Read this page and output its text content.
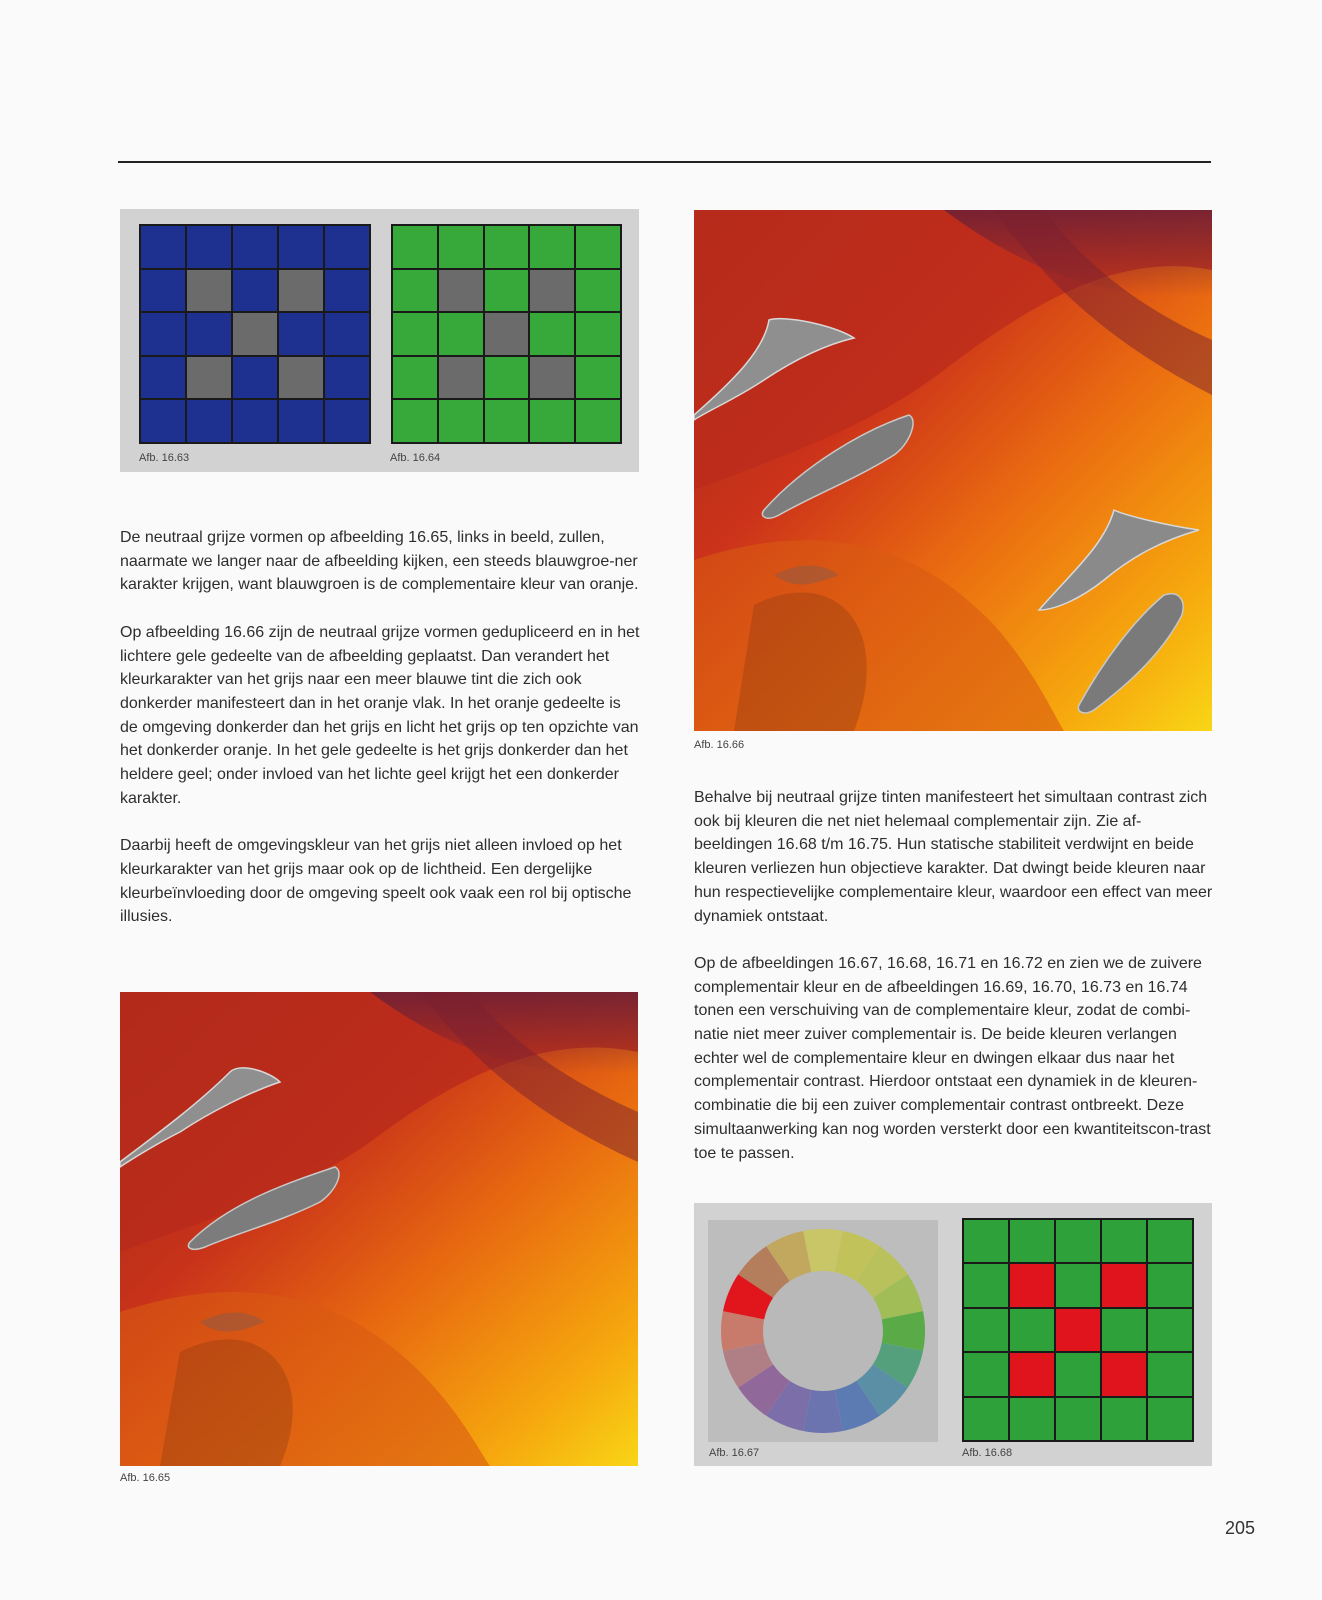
Afb. 16.63	Afb. 16.64

De neutraal grijze vormen op afbeelding 16.65, links in beeld, zullen, naarmate we langer naar de afbeelding kijken, een steeds blauwgroe-ner karakter krijgen, want blauwgroen is de complementaire kleur van oranje.

Op afbeelding 16.66 zijn de neutraal grijze vormen gedupliceerd en in het lichtere gele gedeelte van de afbeelding geplaatst. Dan verandert het kleurkarakter van het grijs naar een meer blauwe tint die zich ook donkerder manifesteert dan in het oranje vlak. In het oranje gedeelte is de omgeving donkerder dan het grijs en licht het grijs op ten opzichte van het donkerder oranje. In het gele gedeelte is het grijs donkerder dan het heldere geel; onder invloed van het lichte geel krijgt het een donkerder karakter.

Daarbij heeft de omgevingskleur van het grijs niet alleen invloed op het kleurkarakter van het grijs maar ook op de lichtheid. Een dergelijke kleurbeïnvloeding door de omgeving speelt ook vaak een rol bij optische illusies.

Afb. 16.65
Afb. 16.66

Behalve bij neutraal grijze tinten manifesteert het simultaan contrast zich ook bij kleuren die net niet helemaal complementair zijn. Zie af-beeldingen 16.68 t/m 16.75. Hun statische stabiliteit verdwijnt en beide kleuren verliezen hun objectieve karakter. Dat dwingt beide kleuren naar hun respectievelijke complementaire kleur, waardoor een effect van meer dynamiek ontstaat.

Op de afbeeldingen 16.67, 16.68, 16.71 en 16.72 en zien we de zuivere complementair kleur en de afbeeldingen 16.69, 16.70, 16.73 en 16.74 tonen een verschuiving van de complementaire kleur, zodat de combi-natie niet meer zuiver complementair is. De beide kleuren verlangen echter wel de complementaire kleur en dwingen elkaar dus naar het complementair contrast. Hierdoor ontstaat een dynamiek in de kleuren-combinatie die bij een zuiver complementair contrast ontbreekt. Deze simultaanwerking kan nog worden versterkt door een kwantiteitscon-trast toe te passen.

Afb. 16.67	Afb. 16.68
205
